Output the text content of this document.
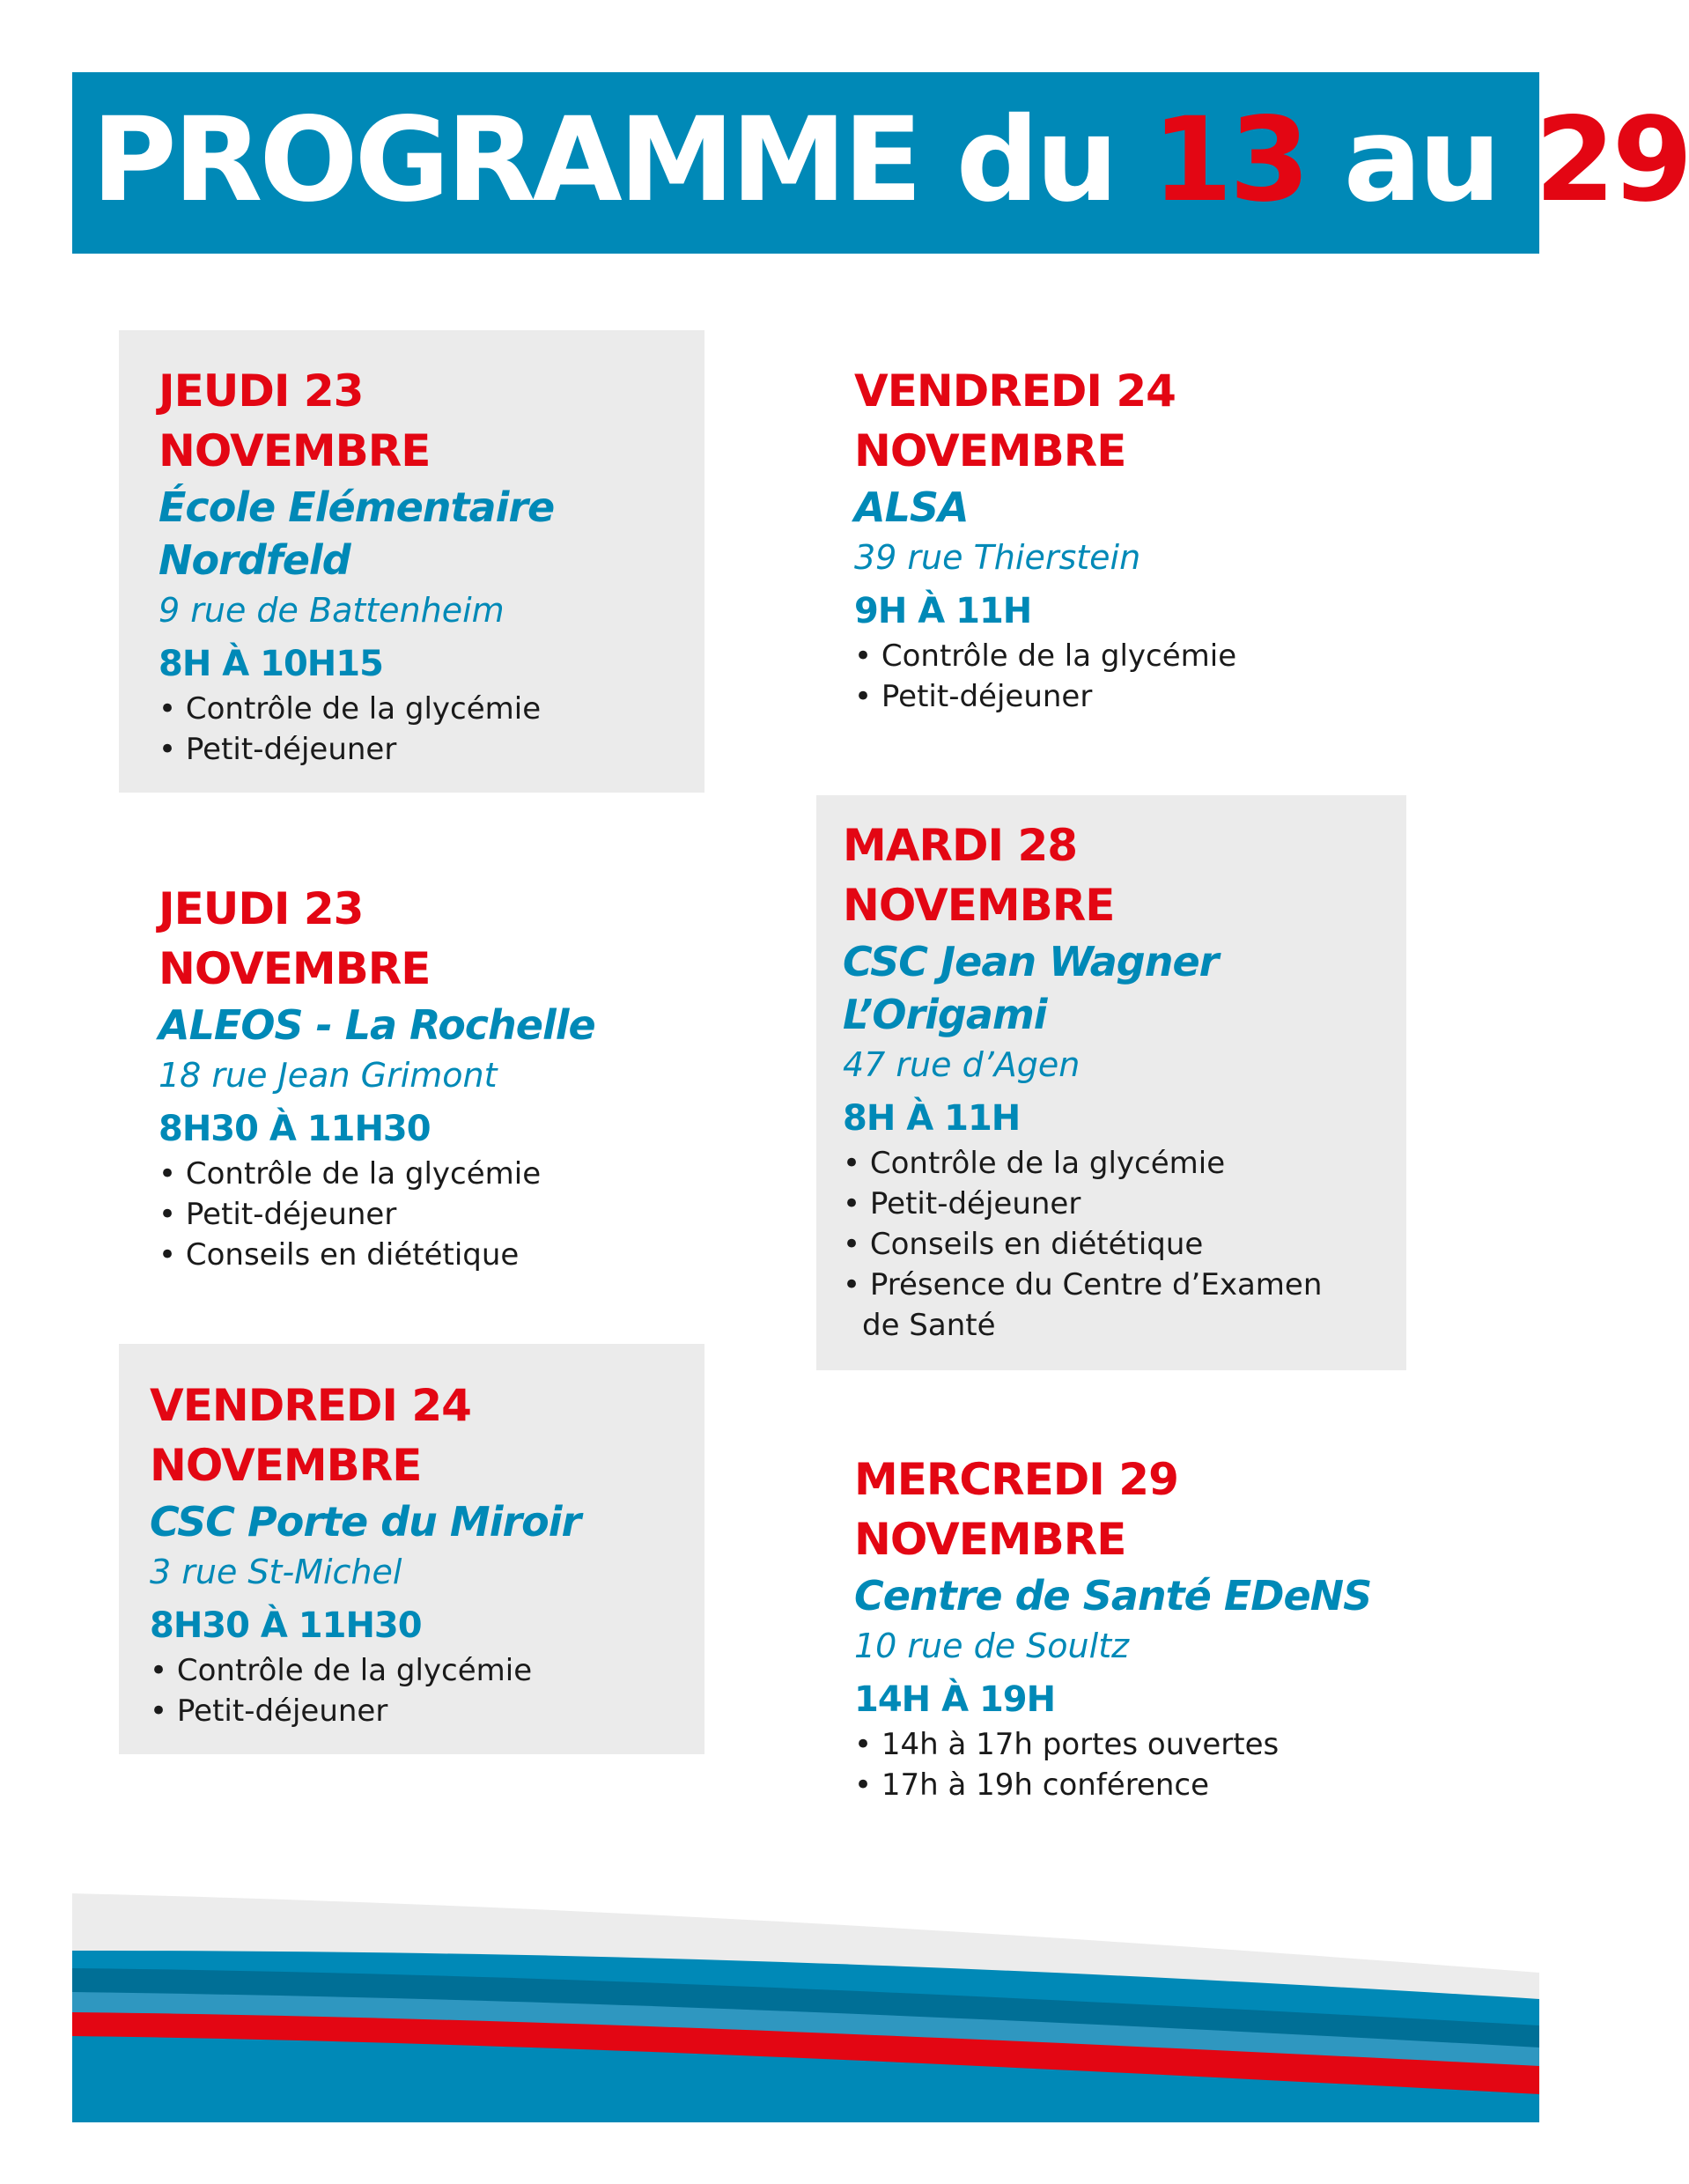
PROGRAMME du 13 au 29
JEUDI 23
NOVEMBRE
École Elémentaire
Nordfeld
9 rue de Battenheim
8H À 10H15
• Contrôle de la glycémie
• Petit-déjeuner
VENDREDI 24
NOVEMBRE
ALSA
39 rue Thierstein
9H À 11H
• Contrôle de la glycémie
• Petit-déjeuner
JEUDI 23
NOVEMBRE
ALEOS - La Rochelle
18 rue Jean Grimont
8H30 À 11H30
• Contrôle de la glycémie
• Petit-déjeuner
• Conseils en diététique
MARDI 28
NOVEMBRE
CSC Jean Wagner
L’Origami
47 rue d’Agen
8H À 11H
• Contrôle de la glycémie
• Petit-déjeuner
• Conseils en diététique
• Présence du Centre d’Examen de Santé
VENDREDI 24
NOVEMBRE
CSC Porte du Miroir
3 rue St-Michel
8H30 À 11H30
• Contrôle de la glycémie
• Petit-déjeuner
MERCREDI 29
NOVEMBRE
Centre de Santé EDeNS
10 rue de Soultz
14H À 19H
• 14h à 17h portes ouvertes
• 17h à 19h conférence
